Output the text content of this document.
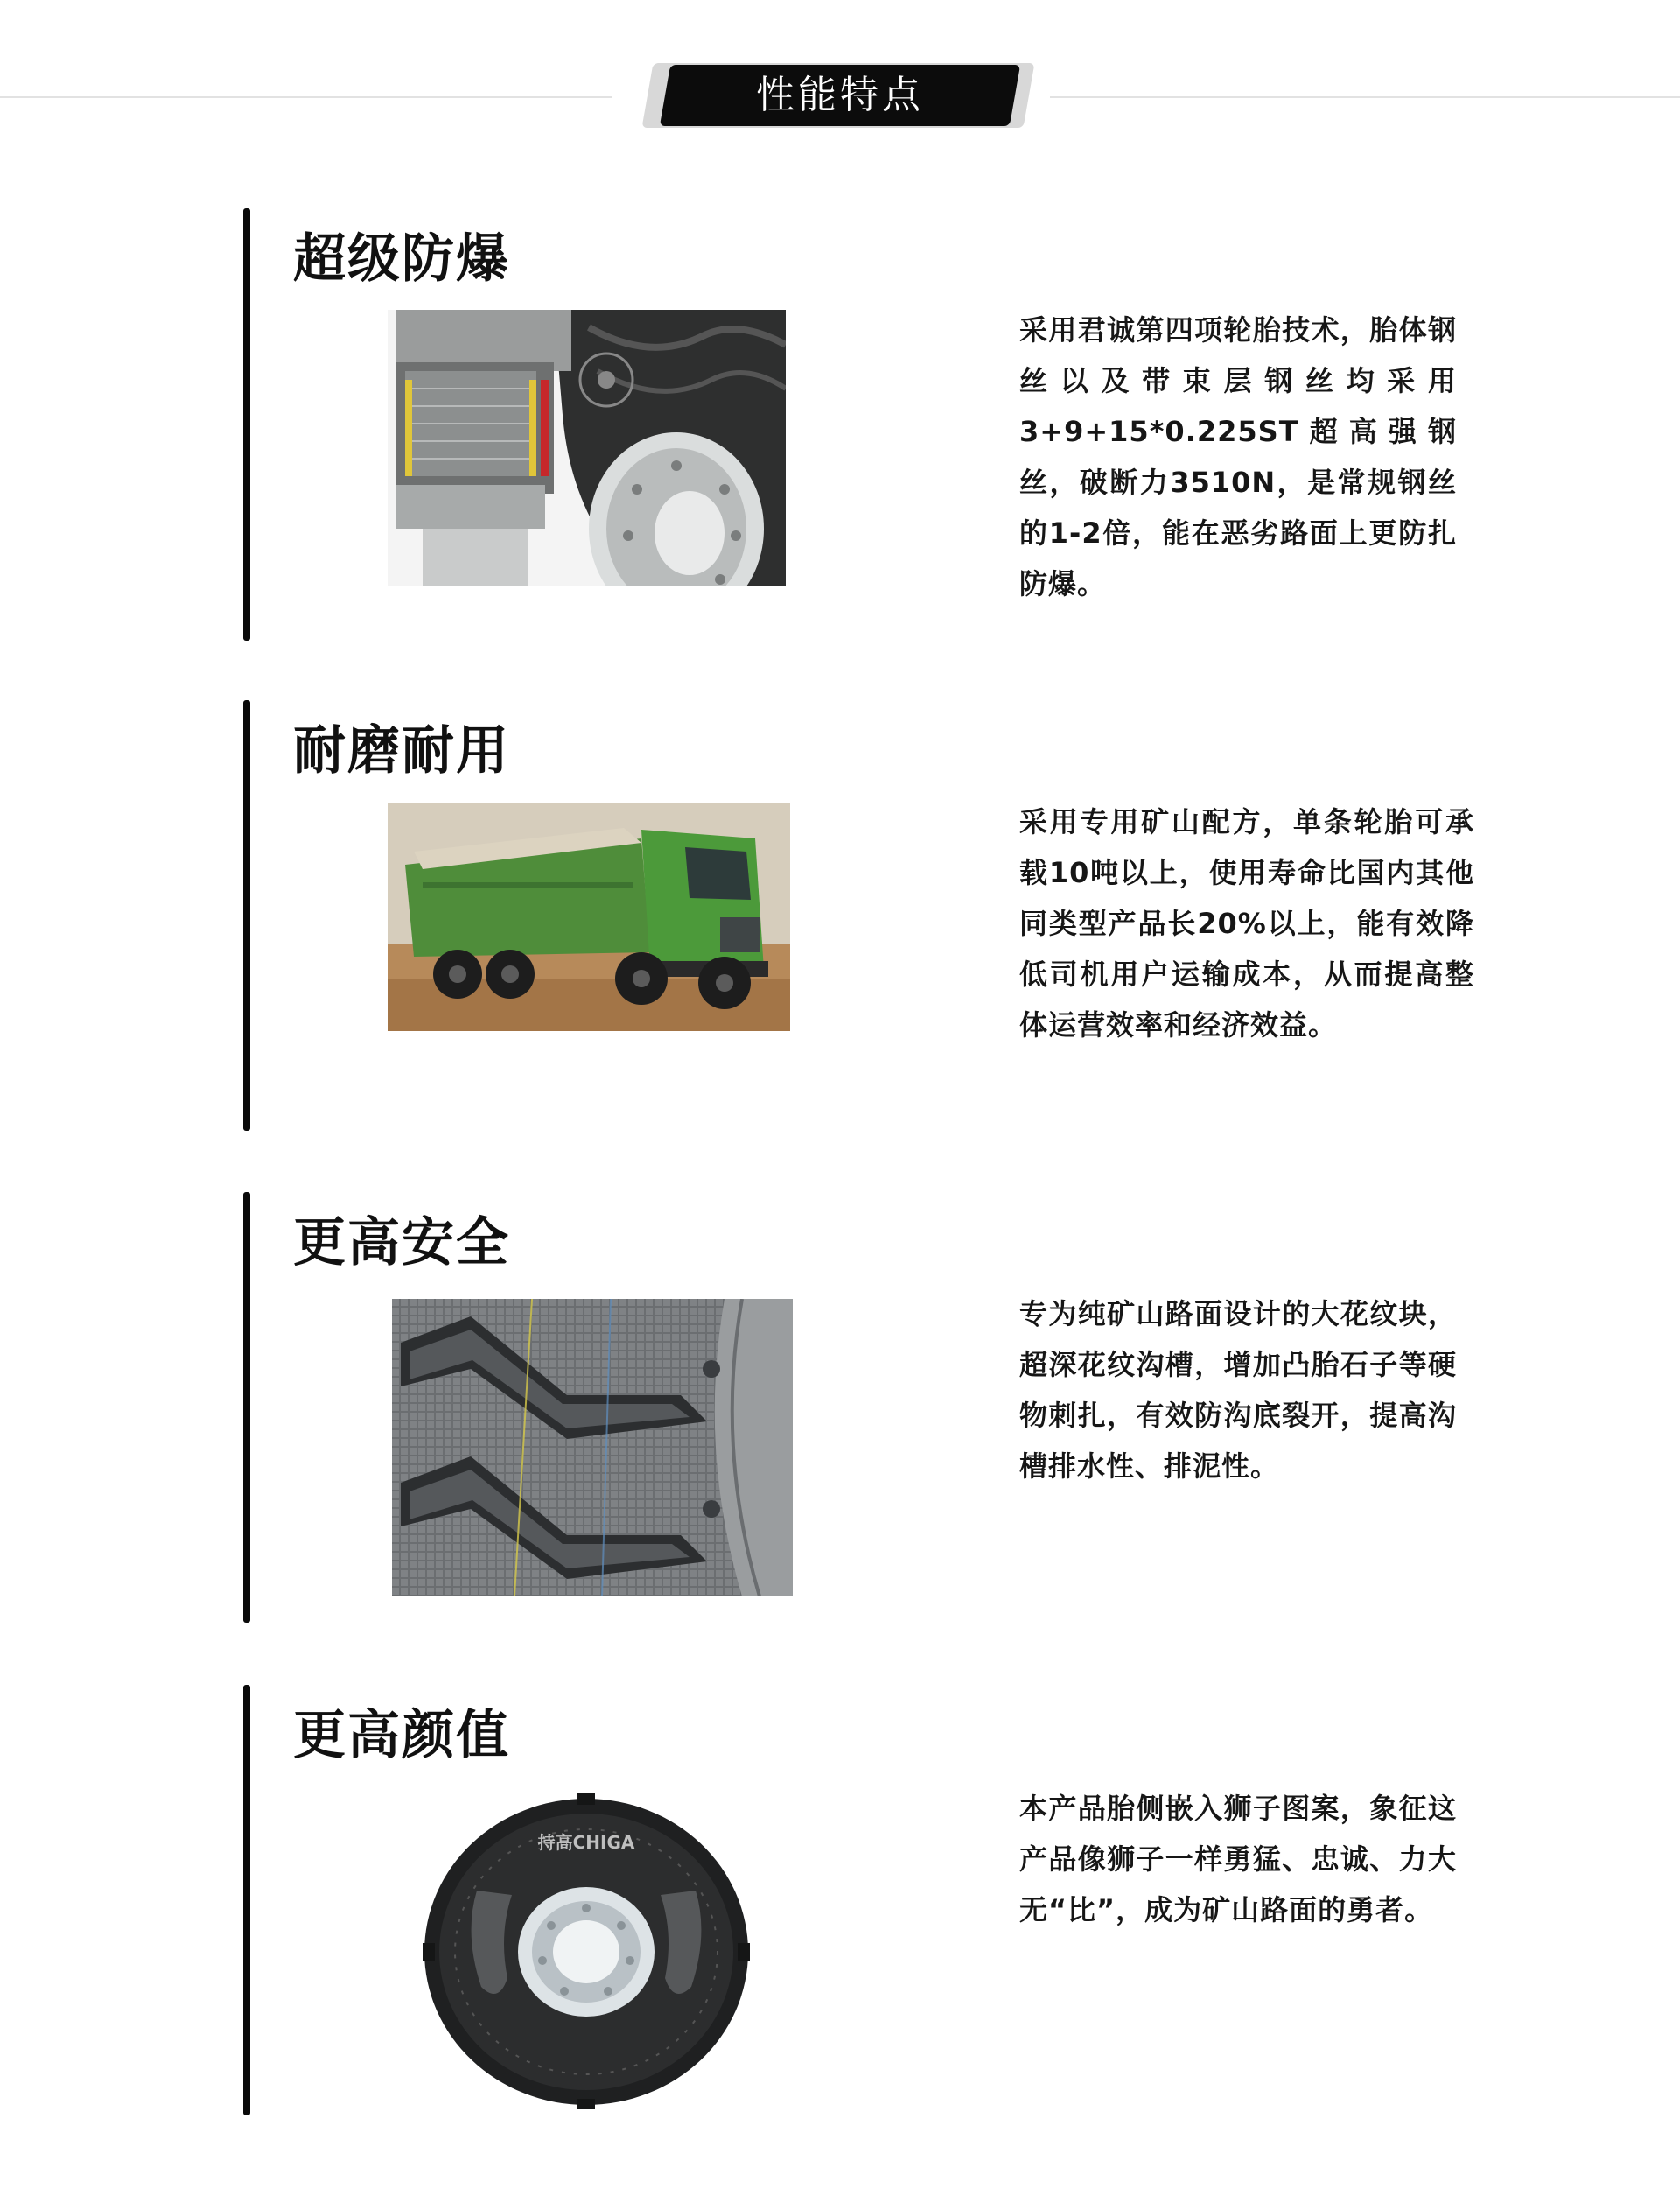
性能特点
超级防爆
采用君诚第四项轮胎技术，胎体钢丝以及带束层钢丝均采用3+9+15*0.225ST超高强钢丝，破断力3510N，是常规钢丝的1-2倍，能在恶劣路面上更防扎防爆。
耐磨耐用
采用专用矿山配方，单条轮胎可承载10吨以上，使用寿命比国内其他同类型产品长20%以上，能有效降低司机用户运输成本，从而提高整体运营效率和经济效益。
更高安全
专为纯矿山路面设计的大花纹块，超深花纹沟槽，增加凸胎石子等硬物刺扎，有效防沟底裂开，提高沟槽排水性、排泥性。
更高颜值
持高CHIGA
本产品胎侧嵌入狮子图案，象征这产品像狮子一样勇猛、忠诚、力大无“比”，成为矿山路面的勇者。
